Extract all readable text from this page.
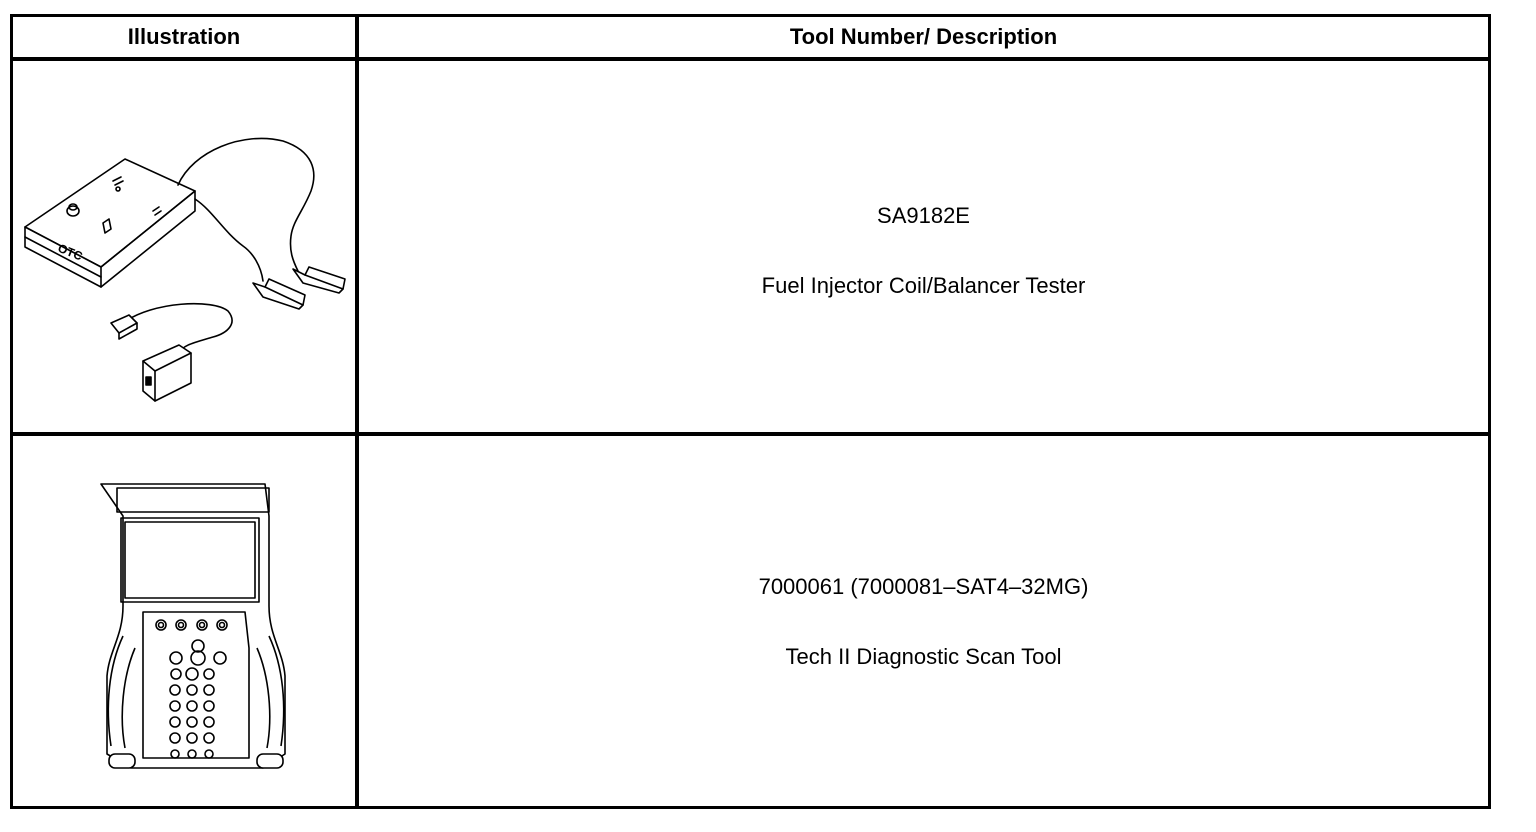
Illustration	Tool Number/ Description
OTC
SA9182E
Fuel Injector Coil/Balancer Tester
7000061 (7000081–SAT4–32MG)
Tech II Diagnostic Scan Tool
